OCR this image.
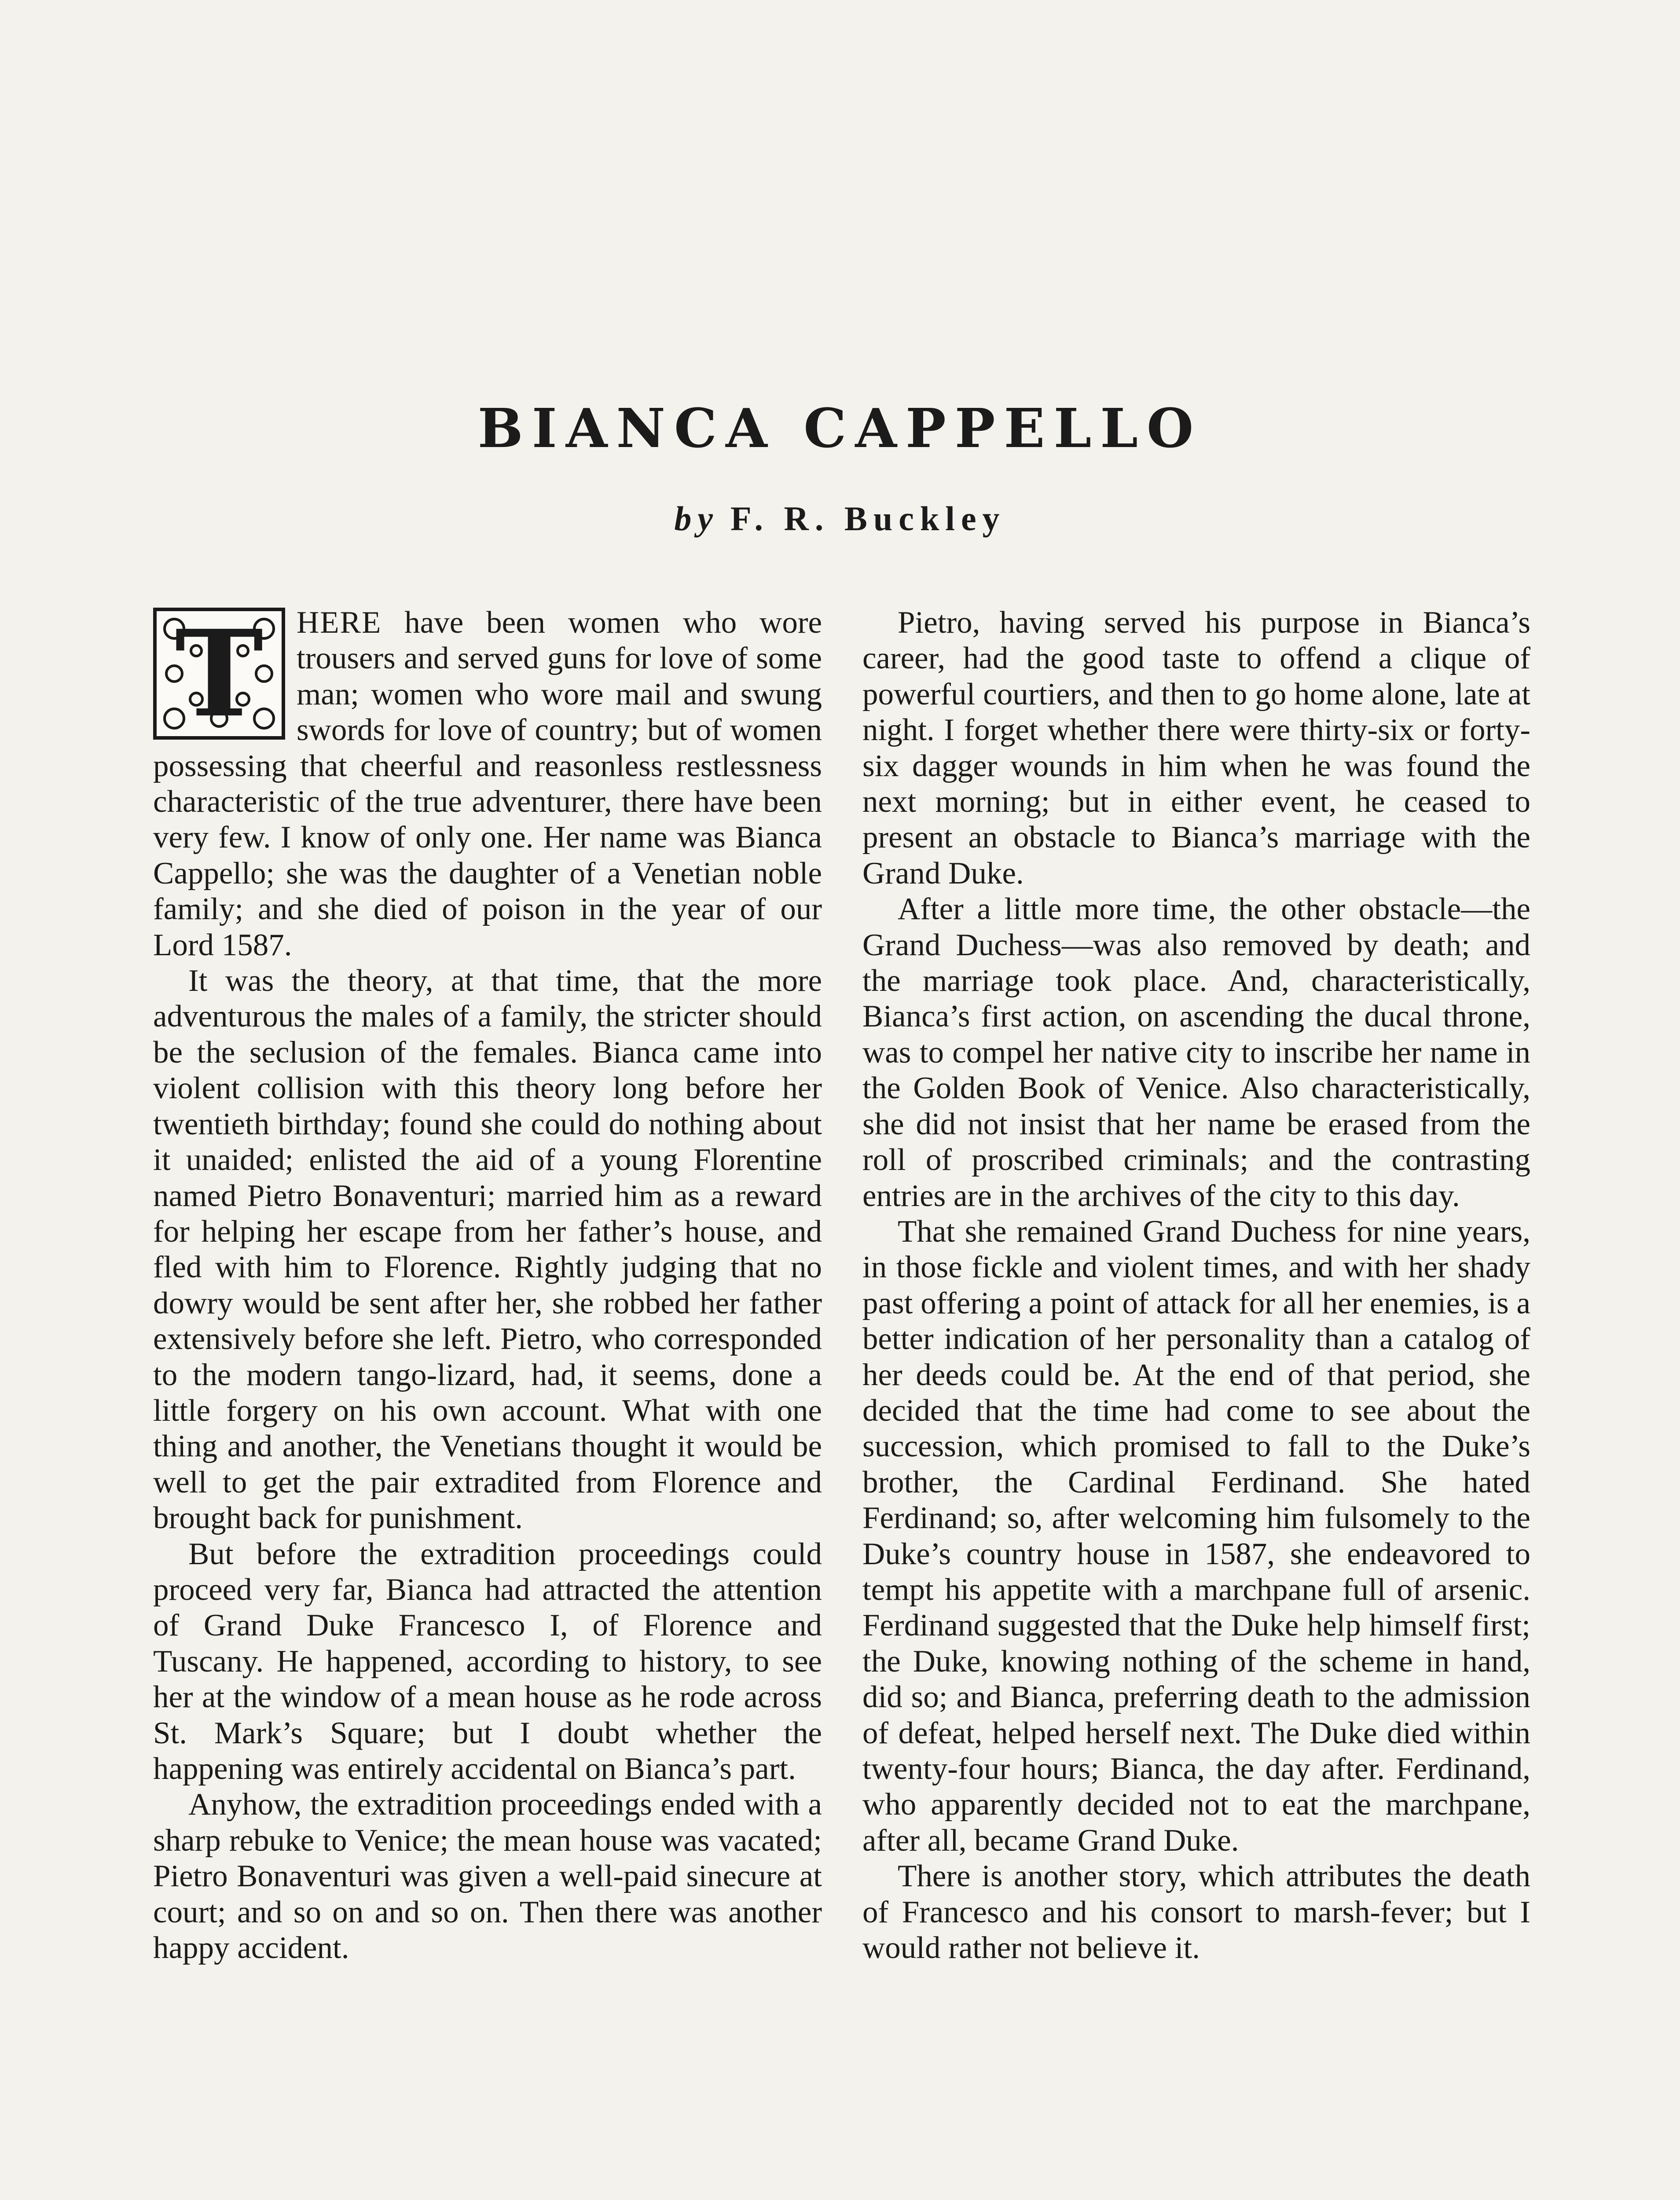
BIANCA CAPPELLO
by F. R. Buckley

T	HERE have been women who wore trousers and served guns for love of some man; women who wore mail and swung swords for love of country; but of women possessing that cheerful and reasonless restlessness characteristic of the true adventurer, there have been very few. I know of only one. Her name was Bianca Cappello; she was the daughter of a Venetian noble family; and she died of poison in the year of our Lord 1587.

It was the theory, at that time, that the more adventurous the males of a family, the stricter should be the seclusion of the females. Bianca came into violent collision with this theory long before her twentieth birthday; found she could do nothing about it unaided; enlisted the aid of a young Florentine named Pietro Bonaventuri; married him as a reward for helping her escape from her father’s house, and fled with him to Florence. Rightly judging that no dowry would be sent after her, she robbed her father extensively before she left. Pietro, who corresponded to the modern tango-lizard, had, it seems, done a little forgery on his own account. What with one thing and another, the Venetians thought it would be well to get the pair extradited from Florence and brought back for punishment.

But before the extradition proceedings could proceed very far, Bianca had attracted the attention of Grand Duke Francesco I, of Florence and Tuscany. He happened, according to history, to see her at the window of a mean house as he rode across St. Mark’s Square; but I doubt whether the happening was entirely accidental on Bianca’s part.

Anyhow, the extradition proceedings ended with a sharp rebuke to Venice; the mean house was vacated; Pietro Bonaventuri was given a well-paid sinecure at court; and so on and so on. Then there was another happy accident.

Pietro, having served his purpose in Bianca’s career, had the good taste to offend a clique of powerful courtiers, and then to go home alone, late at night. I forget whether there were thirty-six or forty-six dagger wounds in him when he was found the next morning; but in either event, he ceased to present an obstacle to Bianca’s marriage with the Grand Duke.

After a little more time, the other obstacle—the Grand Duchess—was also removed by death; and the marriage took place. And, characteristically, Bianca’s first action, on ascending the ducal throne, was to compel her native city to inscribe her name in the Golden Book of Venice. Also characteristically, she did not insist that her name be erased from the roll of proscribed criminals; and the contrasting entries are in the archives of the city to this day.

That she remained Grand Duchess for nine years, in those fickle and violent times, and with her shady past offering a point of attack for all her enemies, is a better indication of her personality than a catalog of her deeds could be. At the end of that period, she decided that the time had come to see about the succession, which promised to fall to the Duke’s brother, the Cardinal Ferdinand. She hated Ferdinand; so, after welcoming him fulsomely to the Duke’s country house in 1587, she endeavored to tempt his appetite with a marchpane full of arsenic. Ferdinand suggested that the Duke help himself first; the Duke, knowing nothing of the scheme in hand, did so; and Bianca, preferring death to the admission of defeat, helped herself next. The Duke died within twenty-four hours; Bianca, the day after. Ferdinand, who apparently decided not to eat the marchpane, after all, became Grand Duke.

There is another story, which attributes the death of Francesco and his consort to marsh-fever; but I would rather not believe it.
